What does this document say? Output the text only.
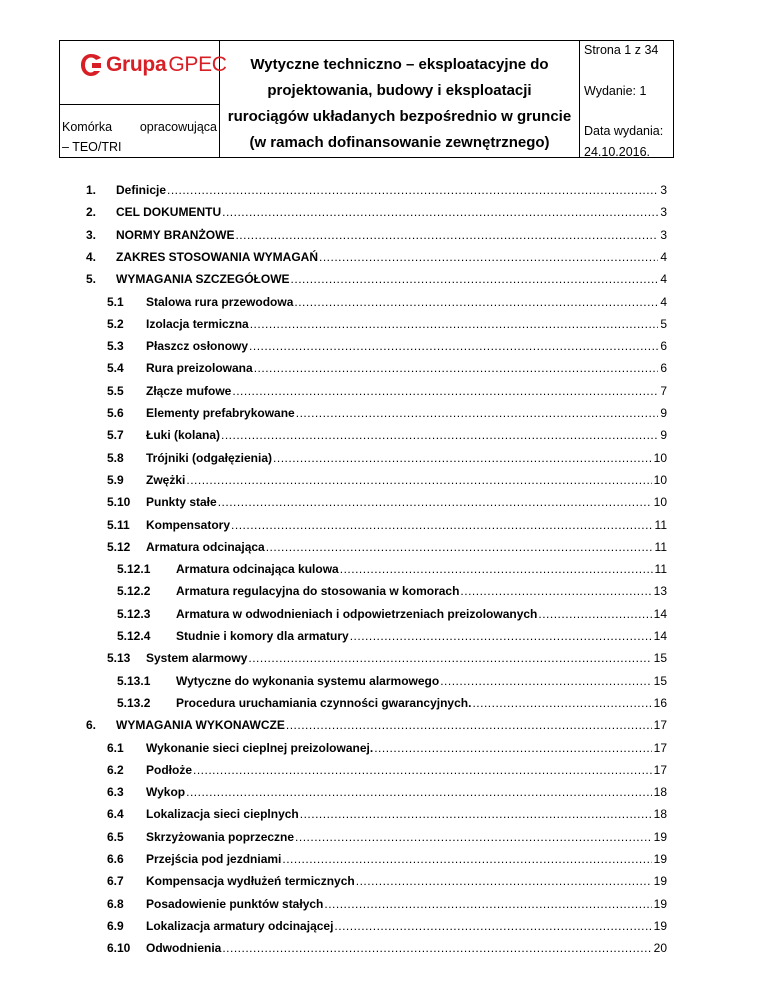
GrupaGPEC	Wytyczne techniczno – eksploatacyjne do
projektowania, budowy i eksploatacji
rurociągów układanych bezpośrednio w gruncie
(w ramach dofinansowanie zewnętrznego)

Strona 1 z 34
Wydanie: 1
Data wydania:
24.10.2016.

Komórka opracowująca
– TEO/TRI
1. Definicje .....	3
2. CEL DOKUMENTU .....	3
3. NORMY BRANŻOWE .....	3
4. ZAKRES STOSOWANIA WYMAGAŃ .....	4
5. WYMAGANIA SZCZEGÓŁOWE .....	4
5.1 Stalowa rura przewodowa .....	4
5.2 Izolacja termiczna .....	5
5.3 Płaszcz osłonowy .....	6
5.4 Rura preizolowana .....	6
5.5 Złącze mufowe .....	7
5.6 Elementy prefabrykowane .....	9
5.7 Łuki (kolana) .....	9
5.8 Trójniki (odgałęzienia) .....	10
5.9 Zwężki .....	10
5.10 Punkty stałe .....	10
5.11 Kompensatory .....	11
5.12 Armatura odcinająca .....	11
5.12.1 Armatura odcinająca kulowa .....	11
5.12.2 Armatura regulacyjna do stosowania w komorach .....	13
5.12.3 Armatura w odwodnieniach i odpowietrzeniach preizolowanych .....	14
5.12.4 Studnie i komory dla armatury .....	14
5.13 System alarmowy .....	15
5.13.1 Wytyczne do wykonania systemu alarmowego .....	15
5.13.2 Procedura uruchamiania czynności gwarancyjnych. .....	16
6. WYMAGANIA WYKONAWCZE .....	17
6.1 Wykonanie sieci cieplnej preizolowanej. .....	17
6.2 Podłoże .....	17
6.3 Wykop .....	18
6.4 Lokalizacja sieci cieplnych .....	18
6.5 Skrzyżowania poprzeczne .....	19
6.6 Przejścia pod jezdniami .....	19
6.7 Kompensacja wydłużeń termicznych .....	19
6.8 Posadowienie punktów stałych .....	19
6.9 Lokalizacja armatury odcinającej .....	19
6.10 Odwodnienia .....	20
